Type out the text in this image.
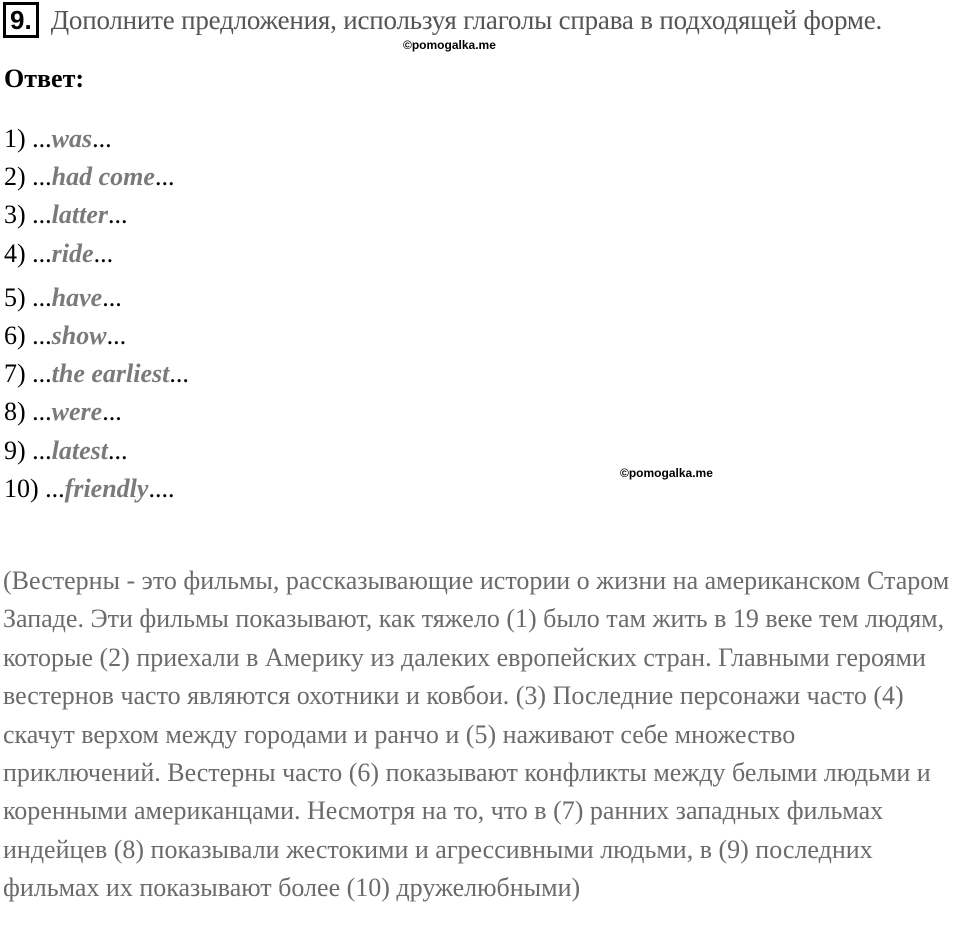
9. Дополните предложения, используя глаголы справа в подходящей форме.
©pomogalka.me
Ответ:
1) ...was...
2) ...had come...
3) ...latter...
4) ...ride...
5) ...have...
6) ...show...
7) ...the earliest...
8) ...were...
9) ...latest...
10) ...friendly....
©pomogalka.me

(Вестерны - это фильмы, рассказывающие истории о жизни на американском Старом Западе. Эти фильмы показывают, как тяжело (1) было там жить в 19 веке тем людям, которые (2) приехали в Америку из далеких европейских стран. Главными героями вестернов часто являются охотники и ковбои. (3) Последние персонажи часто (4) скачут верхом между городами и ранчо и (5) наживают себе множество приключений. Вестерны часто (6) показывают конфликты между белыми людьми и коренными американцами. Несмотря на то, что в (7) ранних западных фильмах индейцев (8) показывали жестокими и агрессивными людьми, в (9) последних фильмах их показывают более (10) дружелюбными)
